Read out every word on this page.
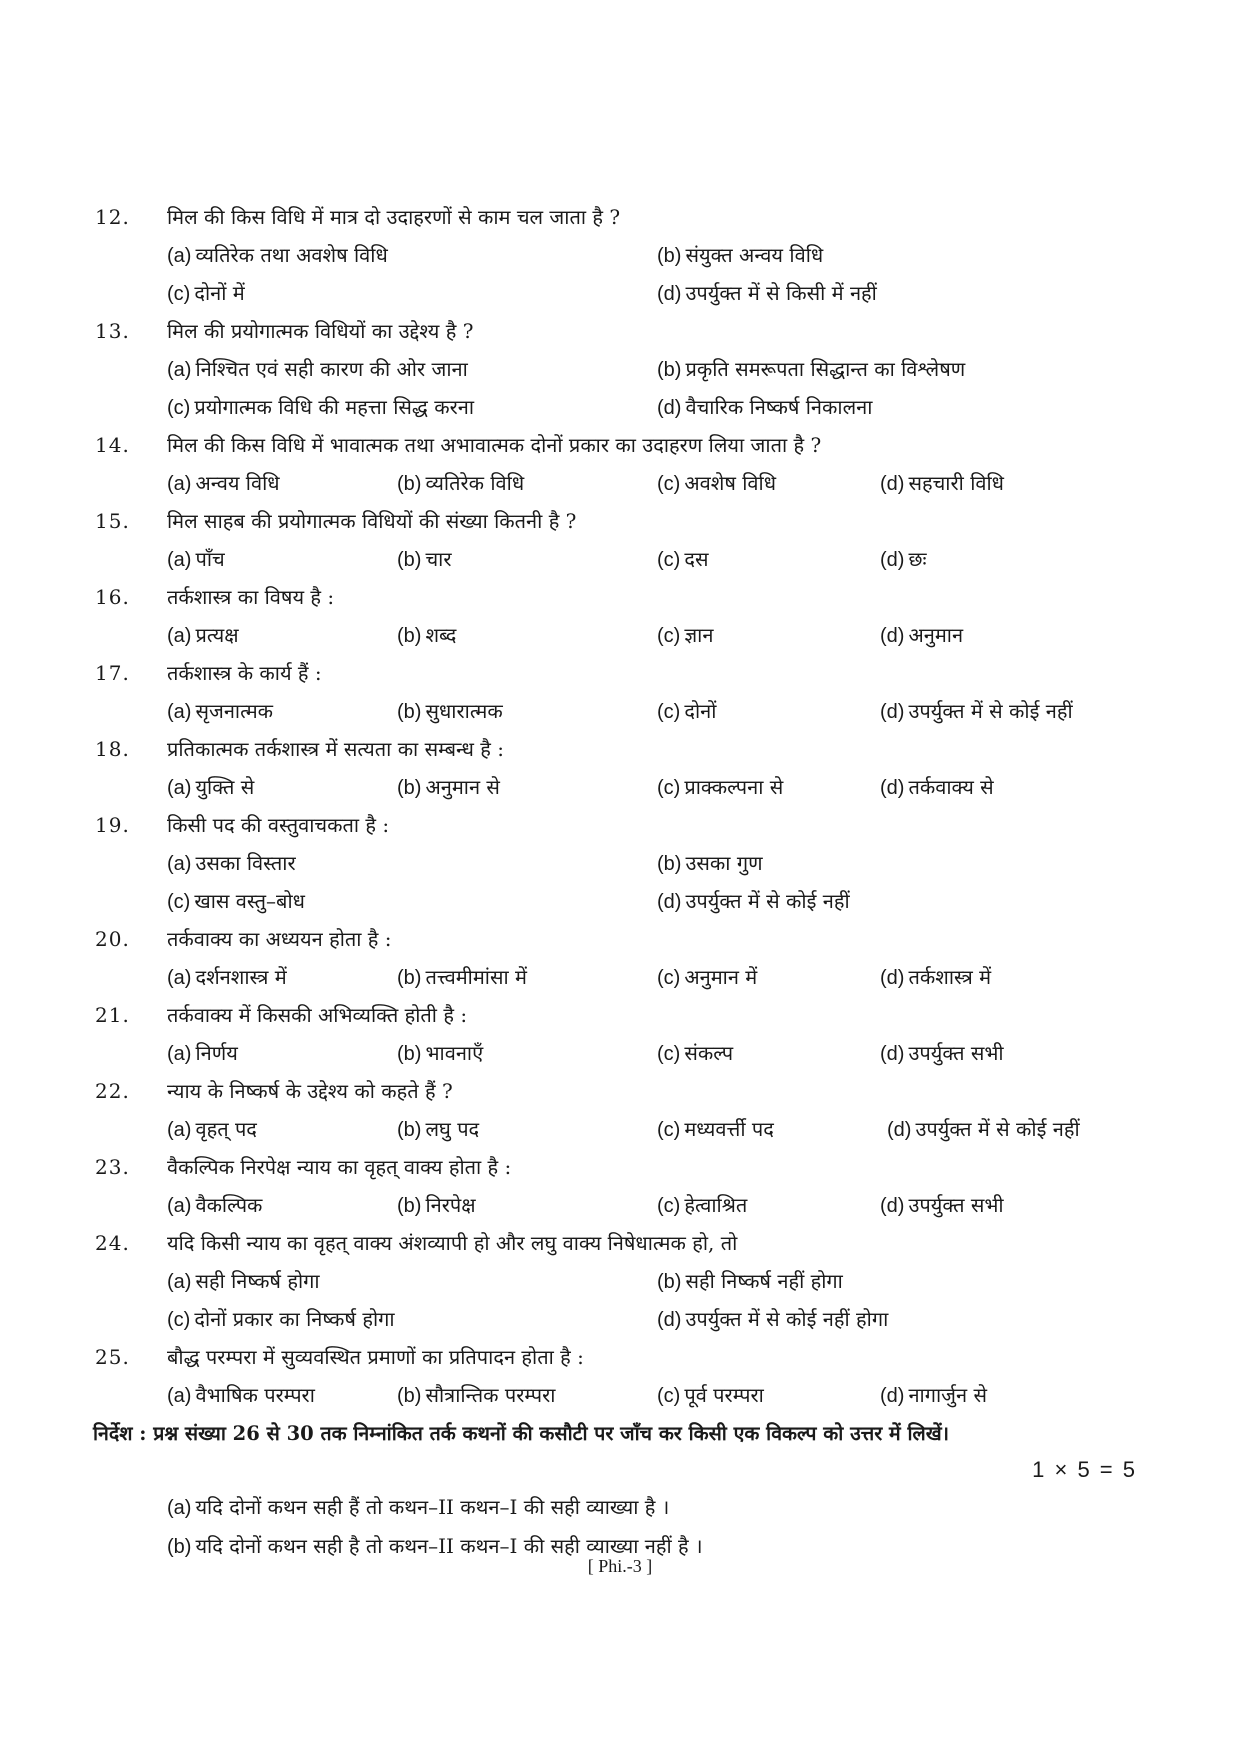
12.	मिल की किस विधि में मात्र दो उदाहरणों से काम चल जाता है ?
(a) व्यतिरेक तथा अवशेष विधि	(b) संयुक्त अन्वय विधि
(c) दोनों में	(d) उपर्युक्त में से किसी में नहीं
13.	मिल की प्रयोगात्मक विधियों का उद्देश्य है ?
(a) निश्चित एवं सही कारण की ओर जाना	(b) प्रकृति समरूपता सिद्धान्त का विश्लेषण
(c) प्रयोगात्मक विधि की महत्ता सिद्ध करना	(d) वैचारिक निष्कर्ष निकालना
14.	मिल की किस विधि में भावात्मक तथा अभावात्मक दोनों प्रकार का उदाहरण लिया जाता है ?
(a) अन्वय विधि	(b) व्यतिरेक विधि	(c) अवशेष विधि	(d) सहचारी विधि
15.	मिल साहब की प्रयोगात्मक विधियों की संख्या कितनी है ?
(a) पाँच	(b) चार	(c) दस	(d) छः
16.	तर्कशास्त्र का विषय है :
(a) प्रत्यक्ष	(b) शब्द	(c) ज्ञान	(d) अनुमान
17.	तर्कशास्त्र के कार्य हैं :
(a) सृजनात्मक	(b) सुधारात्मक	(c) दोनों	(d) उपर्युक्त में से कोई नहीं
18.	प्रतिकात्मक तर्कशास्त्र में सत्यता का सम्बन्ध है :
(a) युक्ति से	(b) अनुमान से	(c) प्राक्कल्पना से	(d) तर्कवाक्य से
19.	किसी पद की वस्तुवाचकता है :
(a) उसका विस्तार	(b) उसका गुण
(c) खास वस्तु–बोध	(d) उपर्युक्त में से कोई नहीं
20.	तर्कवाक्य का अध्ययन होता है :
(a) दर्शनशास्त्र में	(b) तत्त्वमीमांसा में	(c) अनुमान में	(d) तर्कशास्त्र में
21.	तर्कवाक्य में किसकी अभिव्यक्ति होती है :
(a) निर्णय	(b) भावनाएँ	(c) संकल्प	(d) उपर्युक्त सभी
22.	न्याय के निष्कर्ष के उद्देश्य को कहते हैं ?
(a) वृहत् पद	(b) लघु पद	(c) मध्यवर्त्ती पद	(d) उपर्युक्त में से कोई नहीं
23.	वैकल्पिक निरपेक्ष न्याय का वृहत् वाक्य होता है :
(a) वैकल्पिक	(b) निरपेक्ष	(c) हेत्वाश्रित	(d) उपर्युक्त सभी
24.	यदि किसी न्याय का वृहत् वाक्य अंशव्यापी हो और लघु वाक्य निषेधात्मक हो, तो
(a) सही निष्कर्ष होगा	(b) सही निष्कर्ष नहीं होगा
(c) दोनों प्रकार का निष्कर्ष होगा	(d) उपर्युक्त में से कोई नहीं होगा
25.	बौद्ध परम्परा में सुव्यवस्थित प्रमाणों का प्रतिपादन होता है :
(a) वैभाषिक परम्परा	(b) सौत्रान्तिक परम्परा	(c) पूर्व परम्परा	(d) नागार्जुन से
निर्देश : प्रश्न संख्या 26 से 30 तक निम्नांकित तर्क कथनों की कसौटी पर जाँच कर किसी एक विकल्प को उत्तर में लिखें।
1 × 5 = 5
(a) यदि दोनों कथन सही हैं तो कथन–II कथन–I की सही व्याख्या है ।
(b) यदि दोनों कथन सही है तो कथन–II कथन–I की सही व्याख्या नहीं है ।
[ Phi.-3 ]
